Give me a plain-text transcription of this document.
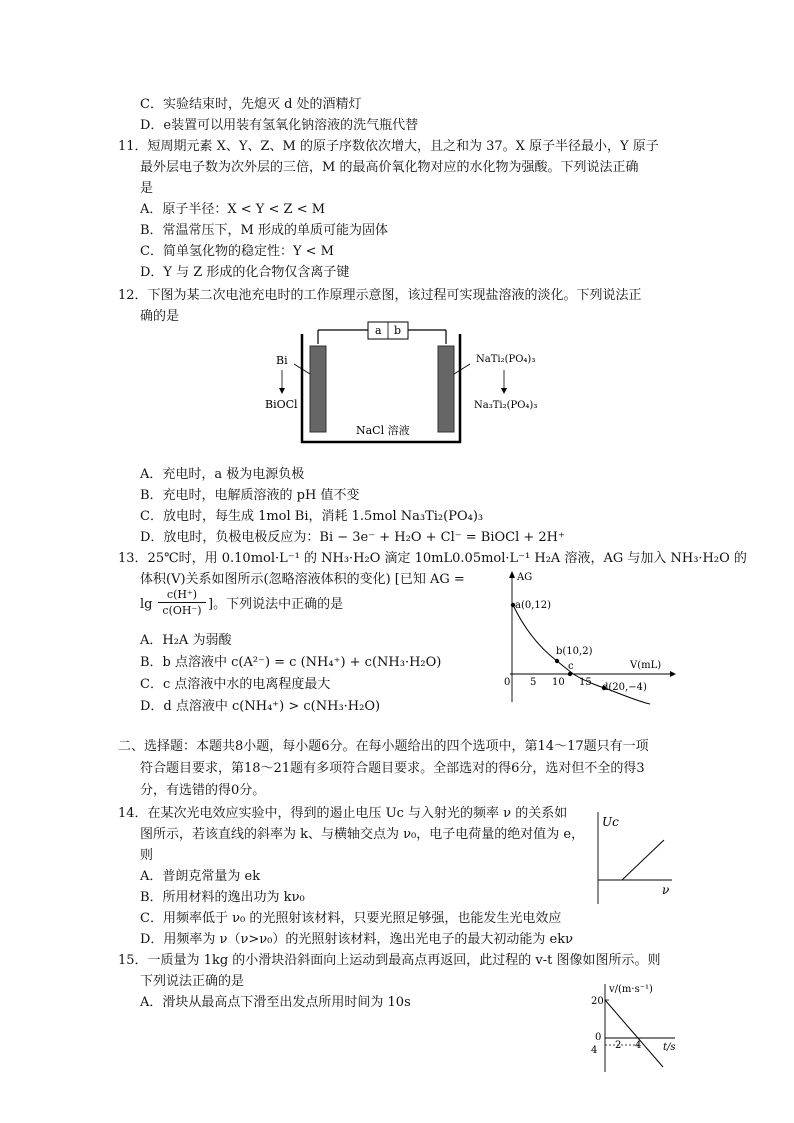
C．实验结束时，先熄灭 d 处的酒精灯
D．e装置可以用装有氢氧化钠溶液的洗气瓶代替
11．短周期元素 X、Y、Z、M 的原子序数依次增大，且之和为 37。X 原子半径最小，Y 原子
最外层电子数为次外层的三倍，M 的最高价氧化物对应的水化物为强酸。下列说法正确
是
A．原子半径：X < Y < Z < M
B．常温常压下，M 形成的单质可能为固体
C．简单氢化物的稳定性：Y < M
D．Y 与 Z 形成的化合物仅含离子键
12．下图为某二次电池充电时的工作原理示意图，该过程可实现盐溶液的淡化。下列说法正
确的是
a b
Bi
BiOCl
NaTi₂(PO₄)₃
Na₃Ti₂(PO₄)₃
NaCl 溶液
A．充电时，a 极为电源负极
B．充电时，电解质溶液的 pH 值不变
C．放电时，每生成 1mol Bi，消耗 1.5mol Na₃Ti₂(PO₄)₃
D．放电时，负极电极反应为：Bi − 3e⁻ + H₂O + Cl⁻ = BiOCl + 2H⁺
13．25℃时，用 0.10mol·L⁻¹ 的 NH₃·H₂O 滴定 10mL0.05mol·L⁻¹ H₂A 溶液，AG 与加入 NH₃·H₂O 的
体积(V)关系如图所示(忽略溶液体积的变化) [已知 AG =
lg
c(H⁺)
c(OH⁻) ]。下列说法中正确的是
A．H₂A 为弱酸
B．b 点溶液中 c(A²⁻) = c (NH₄⁺) + c(NH₃·H₂O)
C．c 点溶液中水的电离程度最大
D．d 点溶液中 c(NH₄⁺) > c(NH₃·H₂O)
AG
V(mL)
0 5 10 15
a(0,12)
b(10,2)
c
d(20,−4)
二、选择题：本题共8小题，每小题6分。在每小题给出的四个选项中，第14～17题只有一项
符合题目要求，第18～21题有多项符合题目要求。全部选对的得6分，选对但不全的得3
分，有选错的得0分。
14．在某次光电效应实验中，得到的遏止电压 Uc 与入射光的频率 ν 的关系如
图所示，若该直线的斜率为 k、与横轴交点为 ν₀，电子电荷量的绝对值为 e，
则
A．普朗克常量为 ek
B．所用材料的逸出功为 kν₀
C．用频率低于 ν₀ 的光照射该材料，只要光照足够强，也能发生光电效应
D．用频率为 ν（ν>ν₀）的光照射该材料，逸出光电子的最大初动能为 ekν
Uc
ν
15．一质量为 1kg 的小滑块沿斜面向上运动到最高点再返回，此过程的 v-t 图像如图所示。则
下列说法正确的是
A．滑块从最高点下滑至出发点所用时间为 10s
v/(m·s⁻¹)
20
0
4 2 4 t/s
